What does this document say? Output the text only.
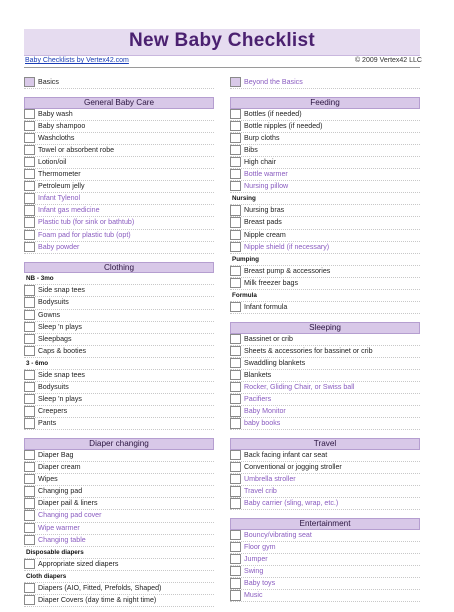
New Baby Checklist
Baby Checklists by Vertex42.com	© 2009 Vertex42 LLC
Basics
General Baby Care
Baby wash
Baby shampoo
Washcloths
Towel or absorbent robe
Lotion/oil
Thermometer
Petroleum jelly
Infant Tylenol
Infant gas medicine
Plastic tub (for sink or bathtub)
Foam pad for plastic tub (opt)
Baby powder
Clothing
NB - 3mo
Side snap tees
Bodysuits
Gowns
Sleep 'n plays
Sleepbags
Caps & booties
3 - 6mo
Side snap tees
Bodysuits
Sleep 'n plays
Creepers
Pants
Diaper changing
Diaper Bag
Diaper cream
Wipes
Changing pad
Diaper pail & liners
Changing pad cover
Wipe warmer
Changing table
Disposable diapers
Appropriate sized diapers
Cloth diapers
Diapers (AIO, Fitted, Prefolds, Shaped)
Diaper Covers (day time & night time)
Beyond the Basics
Feeding
Bottles (if needed)
Bottle nipples (if needed)
Burp cloths
Bibs
High chair
Bottle warmer
Nursing pillow
Nursing
Nursing bras
Breast pads
Nipple cream
Nipple shield (if necessary)
Pumping
Breast pump & accessories
Milk freezer bags
Formula
Infant formula
Sleeping
Bassinet or crib
Sheets & accessories for bassinet or crib
Swaddling blankets
Blankets
Rocker, Gliding Chair, or Swiss ball
Pacifiers
Baby Monitor
baby books
Travel
Back facing infant car seat
Conventional or jogging stroller
Umbrella stroller
Travel crib
Baby carrier (sling, wrap, etc.)
Entertainment
Bouncy/vibrating seat
Floor gym
Jumper
Swing
Baby toys
Music
